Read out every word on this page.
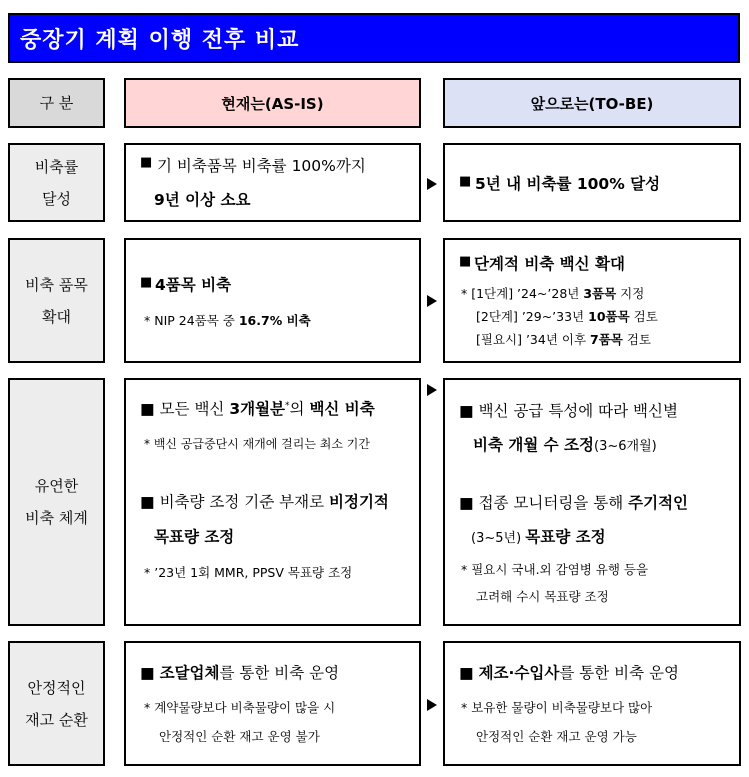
중장기 계획 이행 전후 비교
구 분	현재는(AS-IS)	앞으로는(TO-BE)
비축률
달성
■ 기 비축품목 비축률 100%까지
9년 이상 소요
■ 5년 내 비축률 100% 달성
비축 품목
확대
■ 4품목 비축
* NIP 24품목 중 16.7% 비축
■ 단계적 비축 백신 확대
* [1단계] ’24~’28년 3품목 지정
[2단계] ’29~’33년 10품목 검토
[필요시] ’34년 이후 7품목 검토
유연한
비축 체계
■ 모든 백신 3개월분*의 백신 비축
* 백신 공급중단시 재개에 걸리는 최소 기간
■ 비축량 조정 기준 부재로 비정기적
목표량 조정
* ’23년 1회 MMR, PPSV 목표량 조정
■ 백신 공급 특성에 따라 백신별
비축 개월 수 조정(3~6개월)
■ 접종 모니터링을 통해 주기적인
(3~5년) 목표량 조정
* 필요시 국내.외 감염병 유행 등을
고려해 수시 목표량 조정
안정적인
재고 순환
■ 조달업체를 통한 비축 운영
* 계약물량보다 비축물량이 많을 시
안정적인 순환 재고 운영 불가
■ 제조·수입사를 통한 비축 운영
* 보유한 물량이 비축물량보다 많아
안정적인 순환 재고 운영 가능
